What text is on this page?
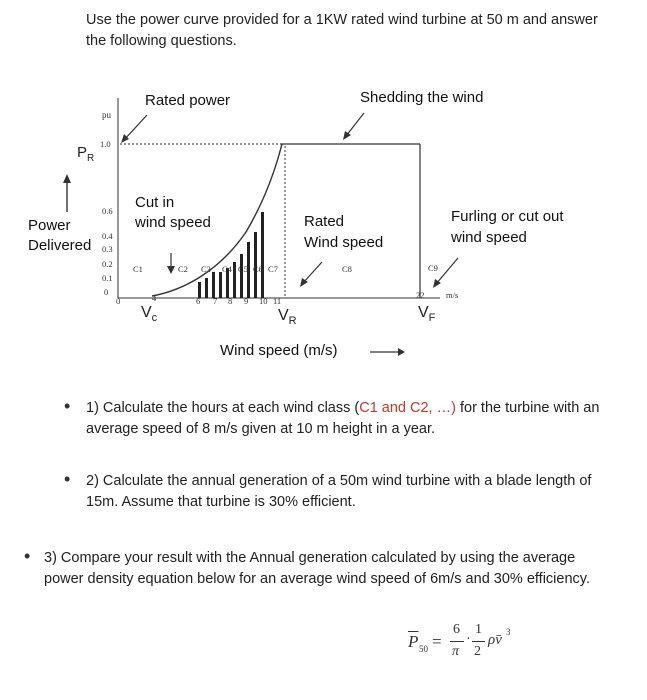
Use the power curve provided for a 1KW rated wind turbine at 50 m and answer the following questions.
pu
Rated power	Shedding the wind
$P_R$
Cut in
wind speed	Rated
Wind speed
Furling or cut out
wind speed
Power
Delivered
1.0
0.6
0.4
0.3
0.2
0.1
0
C1	C2 C3 C4 C5 C6 C7	C8	C9
0	4	6 7 8 9 10 11
22	m/s
$V_c$	$V_R$
$V_F$
Wind speed (m/s)
• 1) Calculate the hours at each wind class (C1 and C2, …) for the turbine with an average speed of 8 m/s given at 10 m height in a year.
• 2) Calculate the annual generation of a 50m wind turbine with a blade length of 15m. Assume that turbine is 30% efficient.
• 3) Compare your result with the Annual generation calculated by using the average power density equation below for an average wind speed of 6m/s and 30% efficiency.
$\overline{P}$ 50 =
6
π
·
1
2
ρv̄ 3
